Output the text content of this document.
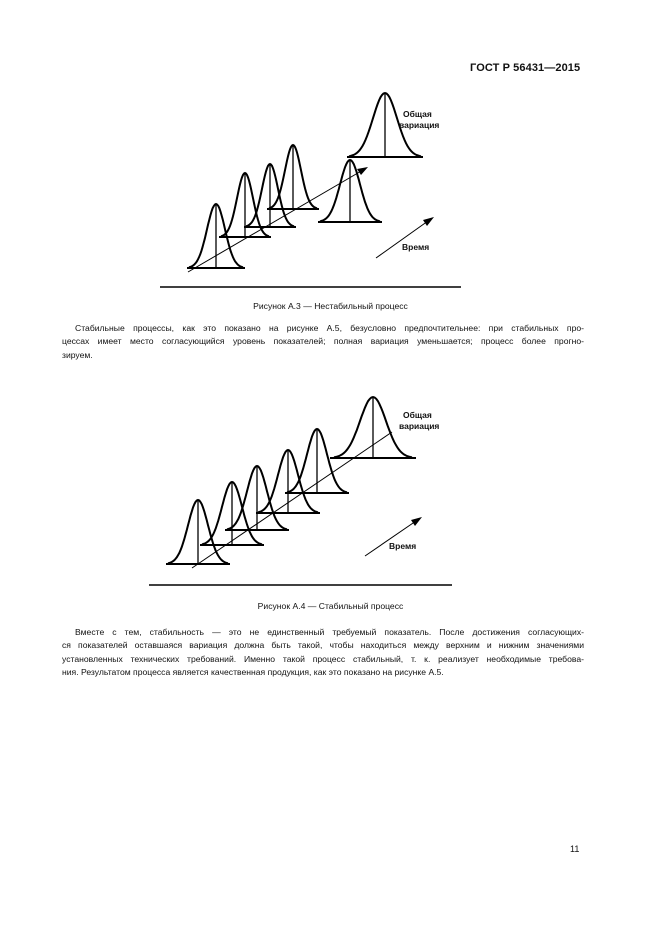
ГОСТ Р 56431—2015
Общая
вариация
Время
Рисунок А.3 — Нестабильный процесс
Стабильные процессы, как это показано на рисунке А.5, безусловно предпочтительнее: при стабильных про-
цессах имеет место согласующийся уровень показателей; полная вариация уменьшается; процесс более прогно-
зируем.
Общая
вариация
Время
Рисунок А.4 — Стабильный процесс
Вместе с тем, стабильность — это не единственный требуемый показатель. После достижения согласующих-
ся показателей оставшаяся вариация должна быть такой, чтобы находиться между верхним и нижним значениями
установленных технических требований. Именно такой процесс стабильный, т. к. реализует необходимые требова-
ния. Результатом процесса является качественная продукция, как это показано на рисунке А.5.
11
